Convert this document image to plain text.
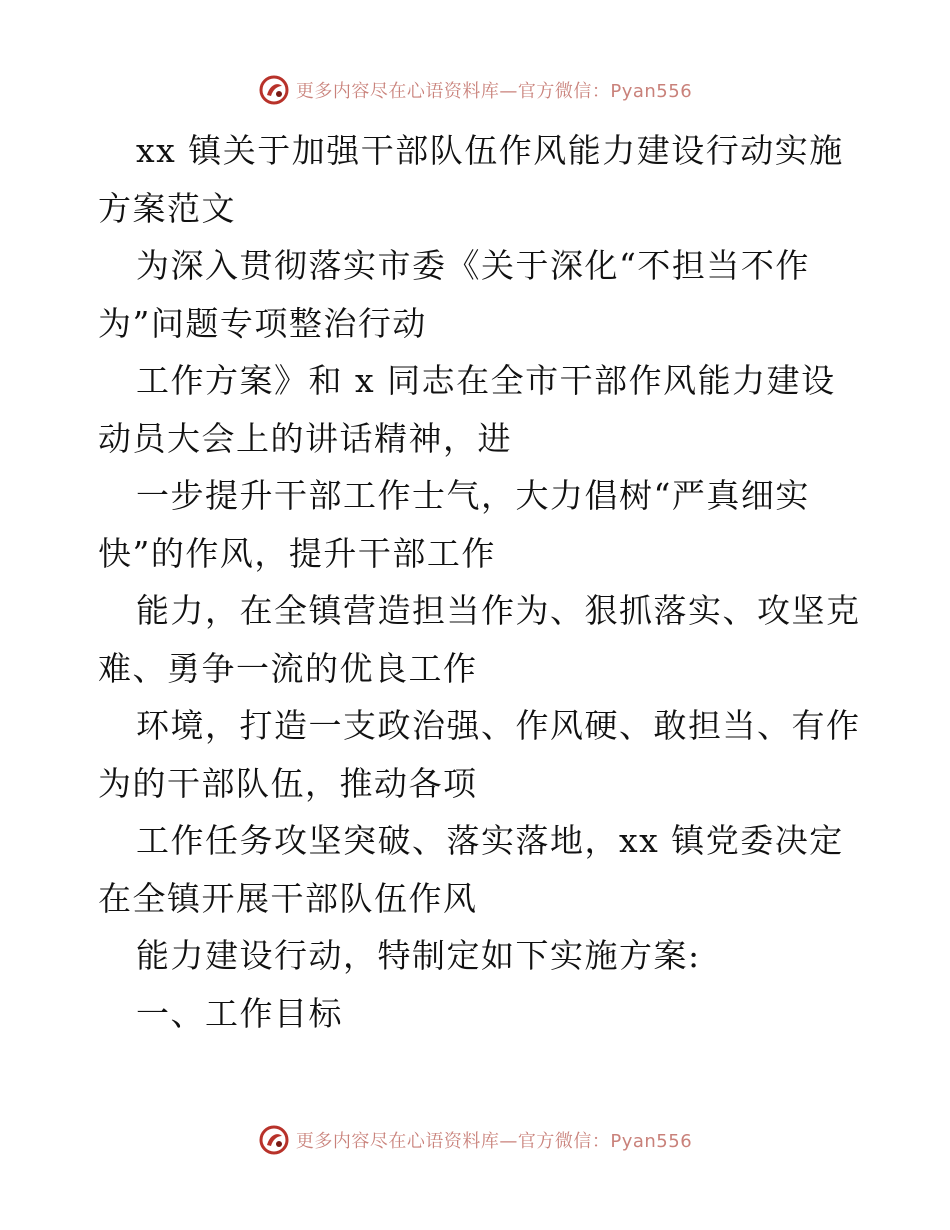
更多内容尽在心语资料库—官方微信：Pyan556
xx 镇关于加强干部队伍作风能力建设行动实施
方案范文
为深入贯彻落实市委《关于深化“不担当不作
为”问题专项整治行动
工作方案》和 x 同志在全市干部作风能力建设
动员大会上的讲话精神，进
一步提升干部工作士气，大力倡树“严真细实
快”的作风，提升干部工作
能力，在全镇营造担当作为、狠抓落实、攻坚克
难、勇争一流的优良工作
环境，打造一支政治强、作风硬、敢担当、有作
为的干部队伍，推动各项
工作任务攻坚突破、落实落地，xx 镇党委决定
在全镇开展干部队伍作风
能力建设行动，特制定如下实施方案:
一、工作目标
更多内容尽在心语资料库—官方微信：Pyan556
